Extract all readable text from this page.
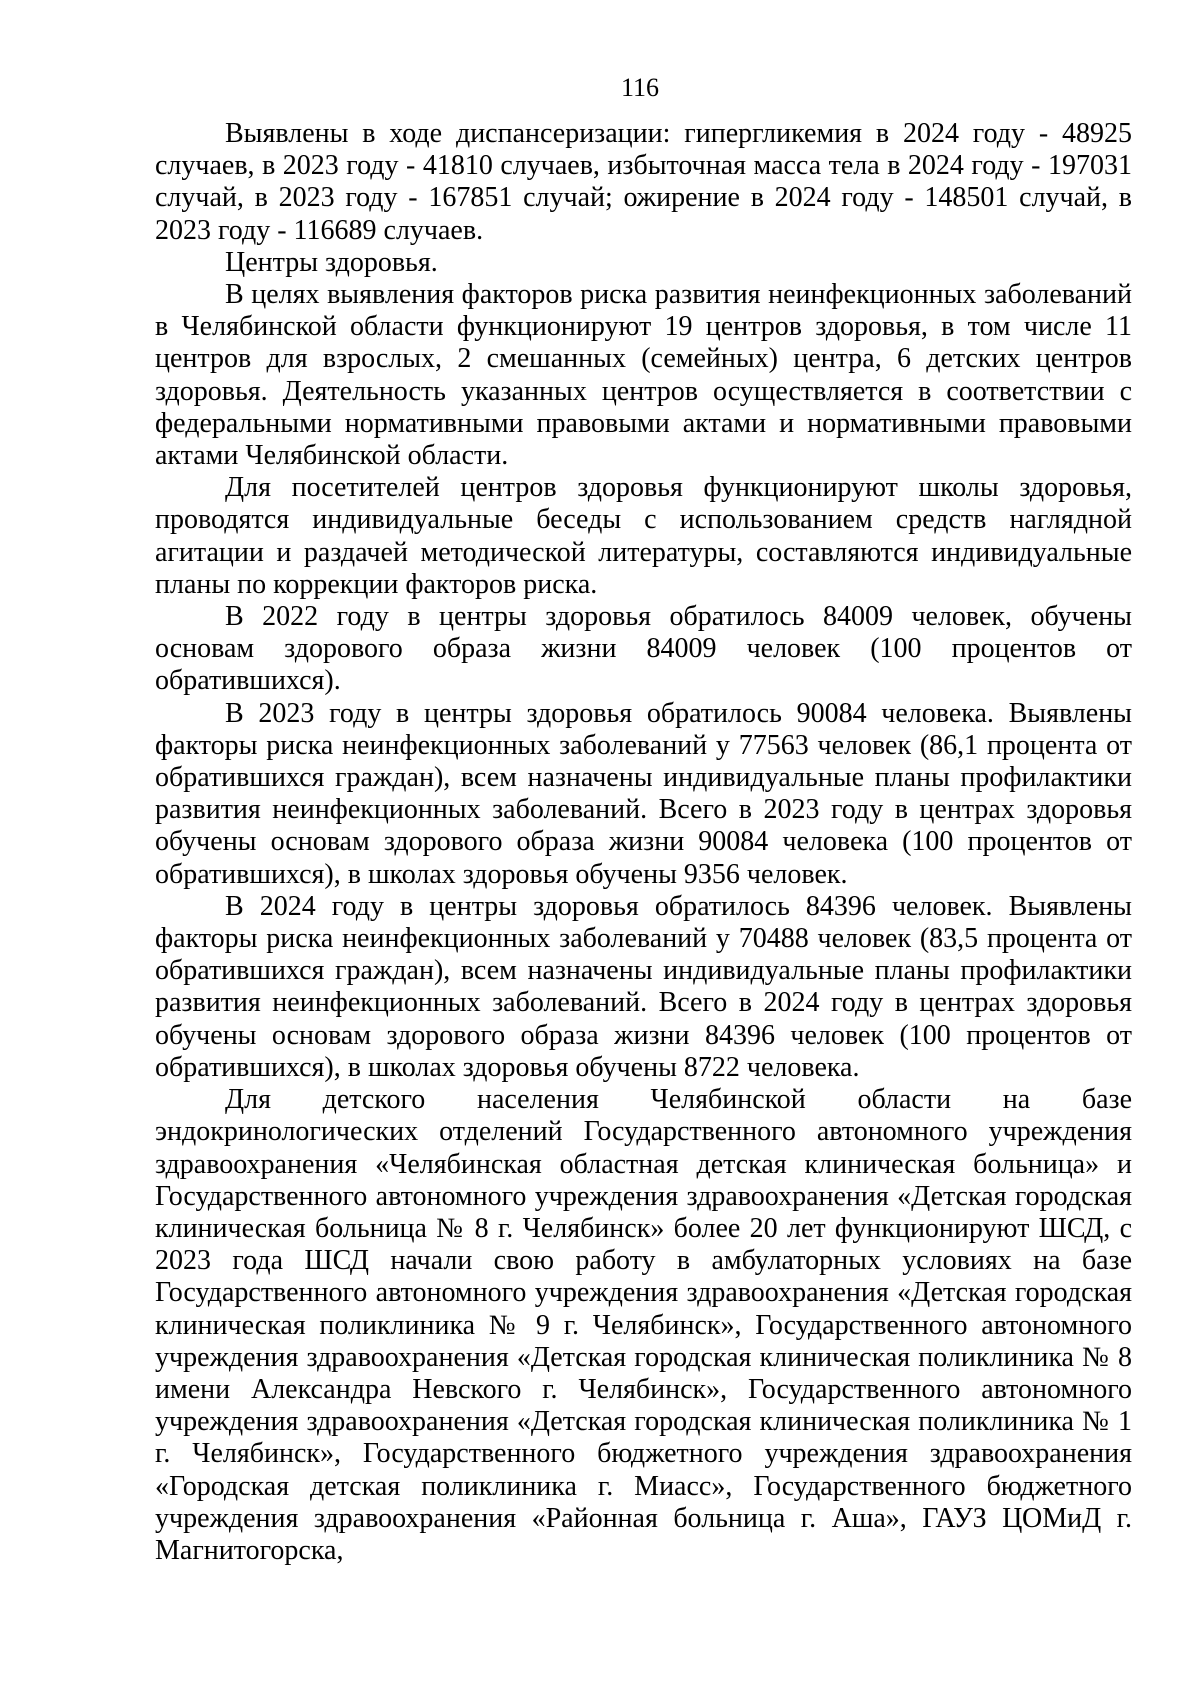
116

Выявлены в ходе диспансеризации: гипергликемия в 2024 году - 48925 случаев, в 2023 году - 41810 случаев, избыточная масса тела в 2024 году - 197031 случай, в 2023 году - 167851 случай; ожирение в 2024 году - 148501 случай, в 2023 году - 116689 случаев.

Центры здоровья.

В целях выявления факторов риска развития неинфекционных заболеваний в Челябинской области функционируют 19 центров здоровья, в том числе 11 центров для взрослых, 2 смешанных (семейных) центра, 6 детских центров здоровья. Деятельность указанных центров осуществляется в соответствии с федеральными нормативными правовыми актами и нормативными правовыми актами Челябинской области.

Для посетителей центров здоровья функционируют школы здоровья, проводятся индивидуальные беседы с использованием средств наглядной агитации и раздачей методической литературы, составляются индивидуальные планы по коррекции факторов риска.

В 2022 году в центры здоровья обратилось 84009 человек, обучены основам здорового образа жизни 84009 человек (100 процентов от обратившихся).

В 2023 году в центры здоровья обратилось 90084 человека. Выявлены факторы риска неинфекционных заболеваний у 77563 человек (86,1 процента от обратившихся граждан), всем назначены индивидуальные планы профилактики развития неинфекционных заболеваний. Всего в 2023 году в центрах здоровья обучены основам здорового образа жизни 90084 человека (100 процентов от обратившихся), в школах здоровья обучены 9356 человек.

В 2024 году в центры здоровья обратилось 84396 человек. Выявлены факторы риска неинфекционных заболеваний у 70488 человек (83,5 процента от обратившихся граждан), всем назначены индивидуальные планы профилактики развития неинфекционных заболеваний. Всего в 2024 году в центрах здоровья обучены основам здорового образа жизни 84396 человек (100 процентов от обратившихся), в школах здоровья обучены 8722 человека.

Для детского населения Челябинской области на базе эндокринологических отделений Государственного автономного учреждения здравоохранения «Челябинская областная детская клиническая больница» и Государственного автономного учреждения здравоохранения «Детская городская клиническая больница № 8 г. Челябинск» более 20 лет функционируют ШСД, с 2023 года ШСД начали свою работу в амбулаторных условиях на базе Государственного автономного учреждения здравоохранения «Детская городская клиническая поликлиника № 9 г. Челябинск», Государственного автономного учреждения здравоохранения «Детская городская клиническая поликлиника № 8 имени Александра Невского г. Челябинск», Государственного автономного учреждения здравоохранения «Детская городская клиническая поликлиника № 1 г. Челябинск», Государственного бюджетного учреждения здравоохранения «Городская детская поликлиника г. Миасс», Государственного бюджетного учреждения здравоохранения «Районная больница г. Аша», ГАУЗ ЦОМиД г. Магнитогорска,
